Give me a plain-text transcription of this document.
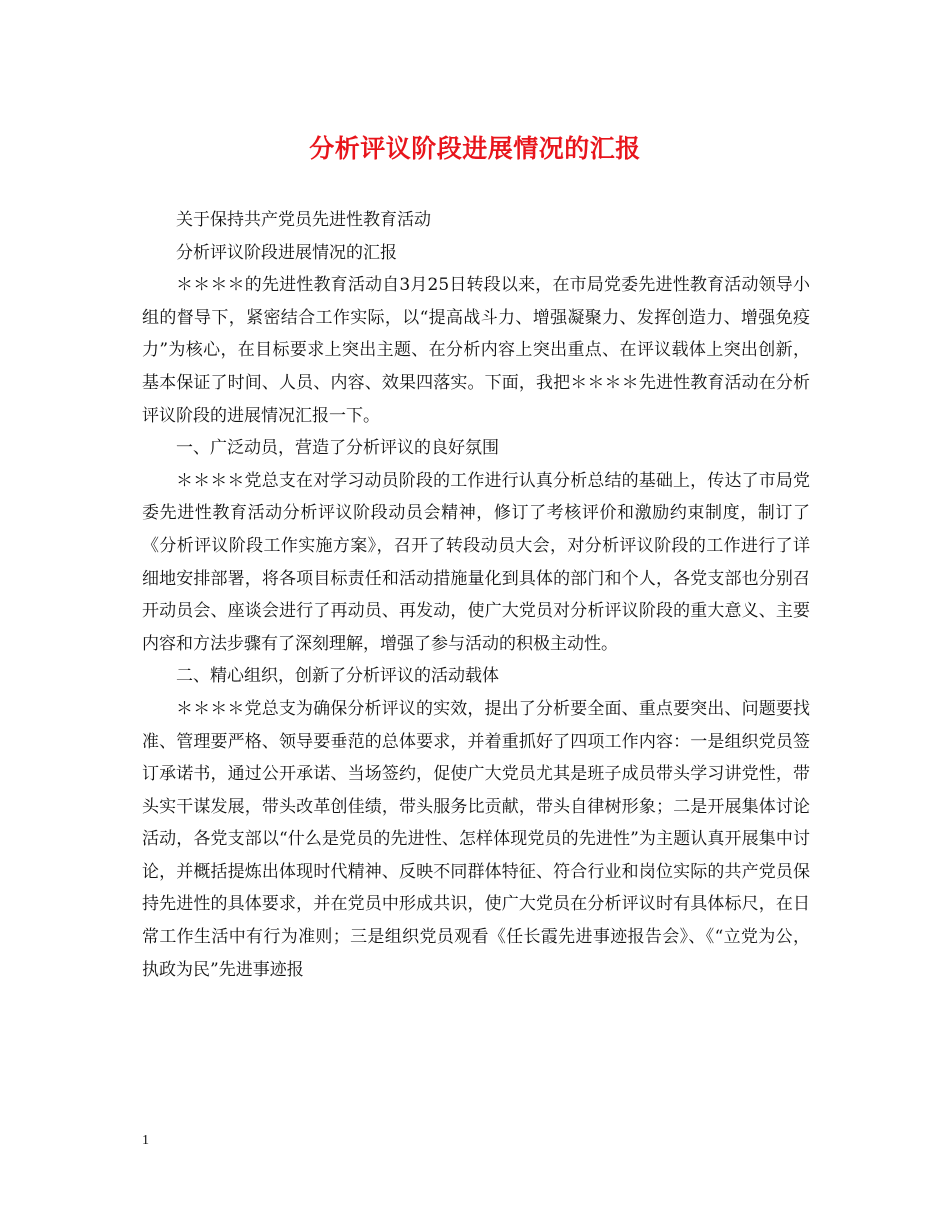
分析评议阶段进展情况的汇报

关于保持共产党员先进性教育活动

分析评议阶段进展情况的汇报

＊＊＊＊的先进性教育活动自3月25日转段以来，在市局党委先进性教育活动领导小组的督导下，紧密结合工作实际，以“提高战斗力、增强凝聚力、发挥创造力、增强免疫力”为核心，在目标要求上突出主题、在分析内容上突出重点、在评议载体上突出创新，基本保证了时间、人员、内容、效果四落实。下面，我把＊＊＊＊先进性教育活动在分析评议阶段的进展情况汇报一下。

一、广泛动员，营造了分析评议的良好氛围

＊＊＊＊党总支在对学习动员阶段的工作进行认真分析总结的基础上，传达了市局党委先进性教育活动分析评议阶段动员会精神，修订了考核评价和激励约束制度，制订了《分析评议阶段工作实施方案》，召开了转段动员大会，对分析评议阶段的工作进行了详细地安排部署，将各项目标责任和活动措施量化到具体的部门和个人，各党支部也分别召开动员会、座谈会进行了再动员、再发动，使广大党员对分析评议阶段的重大意义、主要内容和方法步骤有了深刻理解，增强了参与活动的积极主动性。

二、精心组织，创新了分析评议的活动载体

＊＊＊＊党总支为确保分析评议的实效，提出了分析要全面、重点要突出、问题要找准、管理要严格、领导要垂范的总体要求，并着重抓好了四项工作内容：一是组织党员签订承诺书，通过公开承诺、当场签约，促使广大党员尤其是班子成员带头学习讲党性，带头实干谋发展，带头改革创佳绩，带头服务比贡献，带头自律树形象；二是开展集体讨论活动，各党支部以“什么是党员的先进性、怎样体现党员的先进性”为主题认真开展集中讨论，并概括提炼出体现时代精神、反映不同群体特征、符合行业和岗位实际的共产党员保持先进性的具体要求，并在党员中形成共识，使广大党员在分析评议时有具体标尺，在日常工作生活中有行为准则；三是组织党员观看《任长霞先进事迹报告会》、《“立党为公，执政为民”先进事迹报

1
